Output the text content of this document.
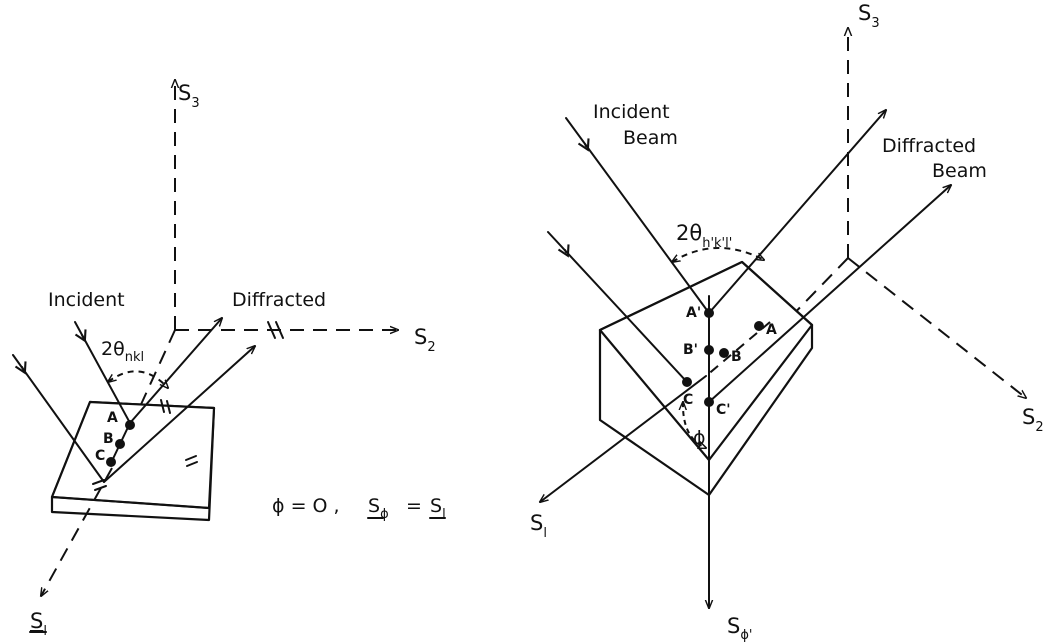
$S_3$
$S_2$
$S_l$
Incident	Diffracted
$2\theta_{nkl}$
A
B
C
ϕ = O , $S_\phi = S_l$
$S_3$
$S_2$
$S_l$
$S_{\phi'}$
Incident
Beam	Diffracted
Beam
$2\theta_{h'k'l'}$
A'
B'
C'
A
B
C
ϕ
